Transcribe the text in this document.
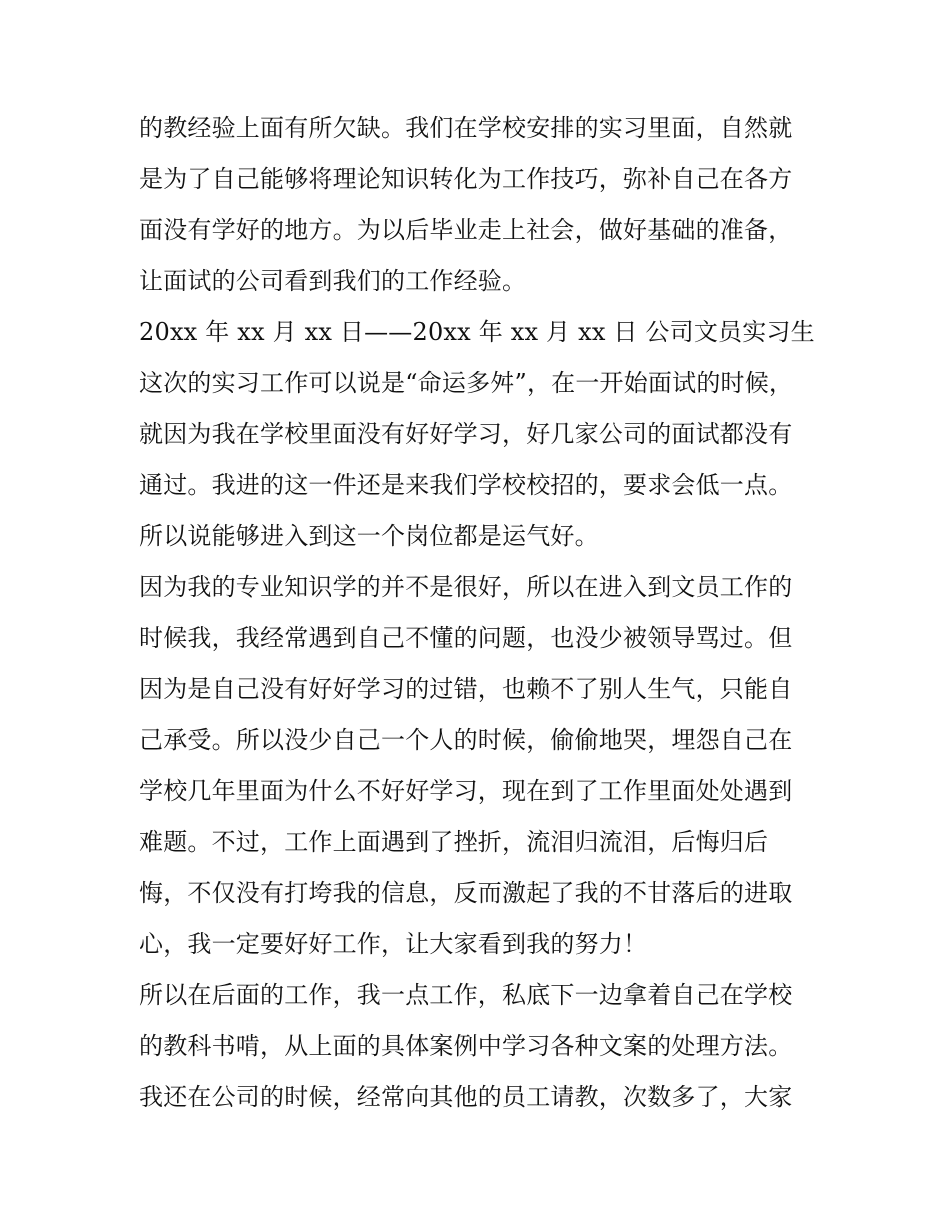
的教经验上面有所欠缺。我们在学校安排的实习里面，自然就
是为了自己能够将理论知识转化为工作技巧，弥补自己在各方
面没有学好的地方。为以后毕业走上社会，做好基础的准备，
让面试的公司看到我们的工作经验。
20xx 年 xx 月 xx 日——20xx 年 xx 月 xx 日 公司文员实习生
这次的实习工作可以说是“命运多舛”，在一开始面试的时候，
就因为我在学校里面没有好好学习，好几家公司的面试都没有
通过。我进的这一件还是来我们学校校招的，要求会低一点。
所以说能够进入到这一个岗位都是运气好。
因为我的专业知识学的并不是很好，所以在进入到文员工作的
时候我，我经常遇到自己不懂的问题，也没少被领导骂过。但
因为是自己没有好好学习的过错，也赖不了别人生气，只能自
己承受。所以没少自己一个人的时候，偷偷地哭，埋怨自己在
学校几年里面为什么不好好学习，现在到了工作里面处处遇到
难题。不过，工作上面遇到了挫折，流泪归流泪，后悔归后
悔，不仅没有打垮我的信息，反而激起了我的不甘落后的进取
心，我一定要好好工作，让大家看到我的努力！
所以在后面的工作，我一点工作，私底下一边拿着自己在学校
的教科书啃，从上面的具体案例中学习各种文案的处理方法。
我还在公司的时候，经常向其他的员工请教，次数多了，大家
